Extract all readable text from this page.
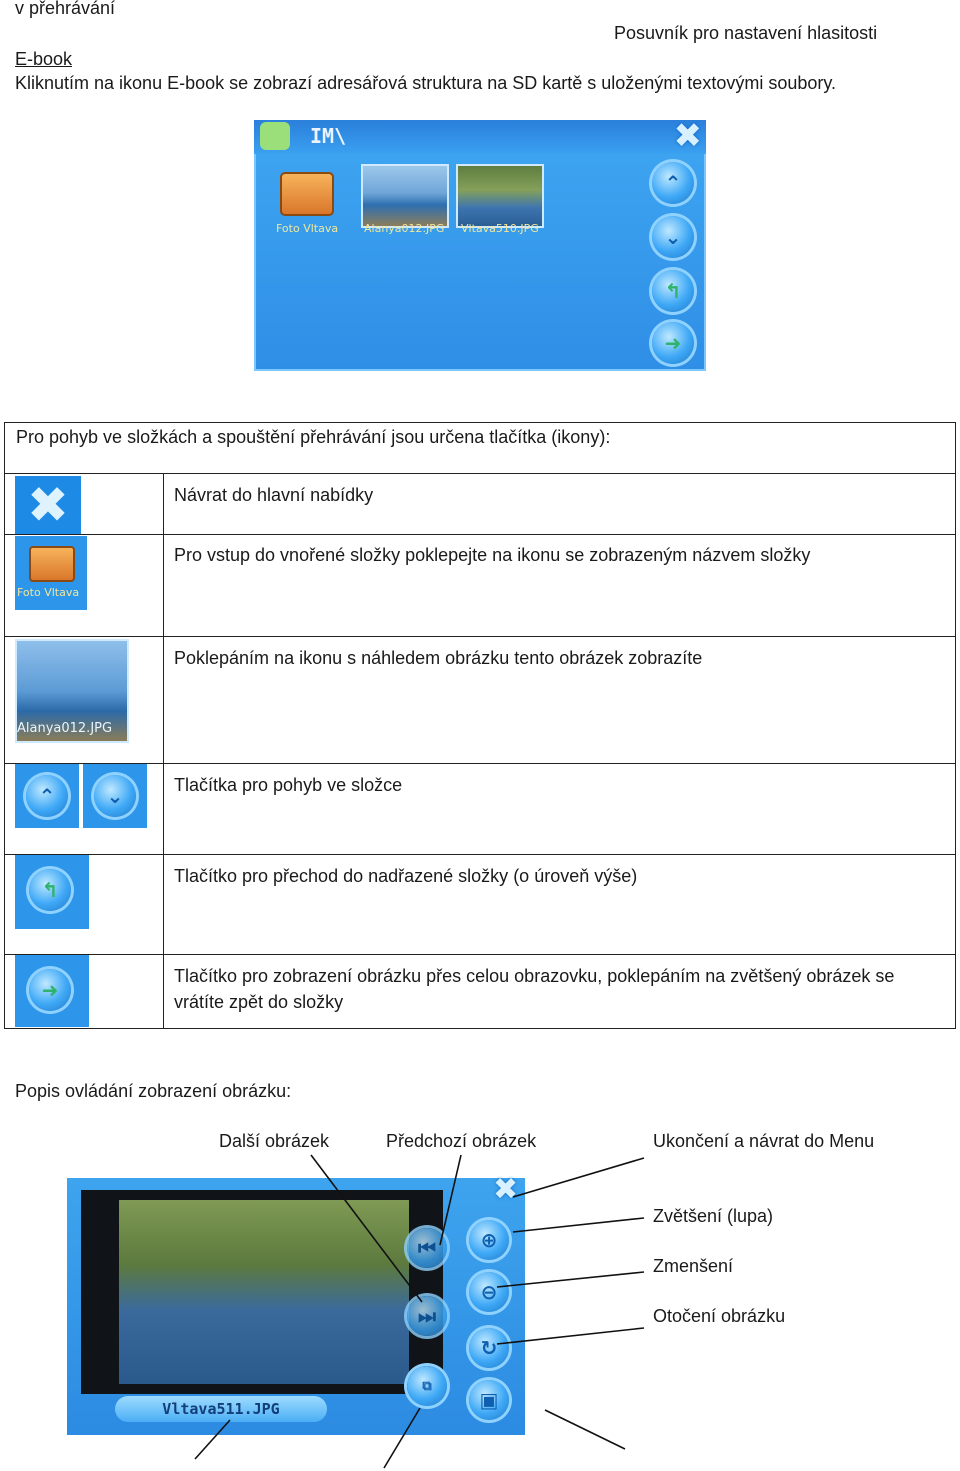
v přehrávání
Posuvník pro nastavení hlasitosti
E-book
Kliknutím na ikonu E-book se zobrazí adresářová struktura na SD kartě s uloženými textovými soubory.
IM\	✖
Foto Vltava Alanya012.JPG Vltava510.JPG
⌃
⌄
↰
➜
Pro pohyb ve složkách a spouštění přehrávání jsou určena tlačítka (ikony):	

✖	Návrat do hlavní nabídky

Foto Vltava	Pro vstup do vnořené složky poklepejte na ikonu se zobrazeným názvem složky

Alanya012.JPG	Poklepáním na ikonu s náhledem obrázku tento obrázek zobrazíte

⌃ ⌄	Tlačítka pro pohyb ve složce

↰	Tlačítko pro přechod do nadřazené složky (o úroveň výše)

➜	Tlačítko pro zobrazení obrázku přes celou obrazovku, poklepáním na zvětšený obrázek se vrátíte zpět do složky
Popis ovládání zobrazení obrázku:
Další obrázek	Předchozí obrázek	Ukončení a návrat do Menu
Zvětšení (lupa)
Zmenšení
Otočení obrázku
✖
⏮
⏭
⧉
⊕
⊖
↻
▣
Vltava511.JPG
